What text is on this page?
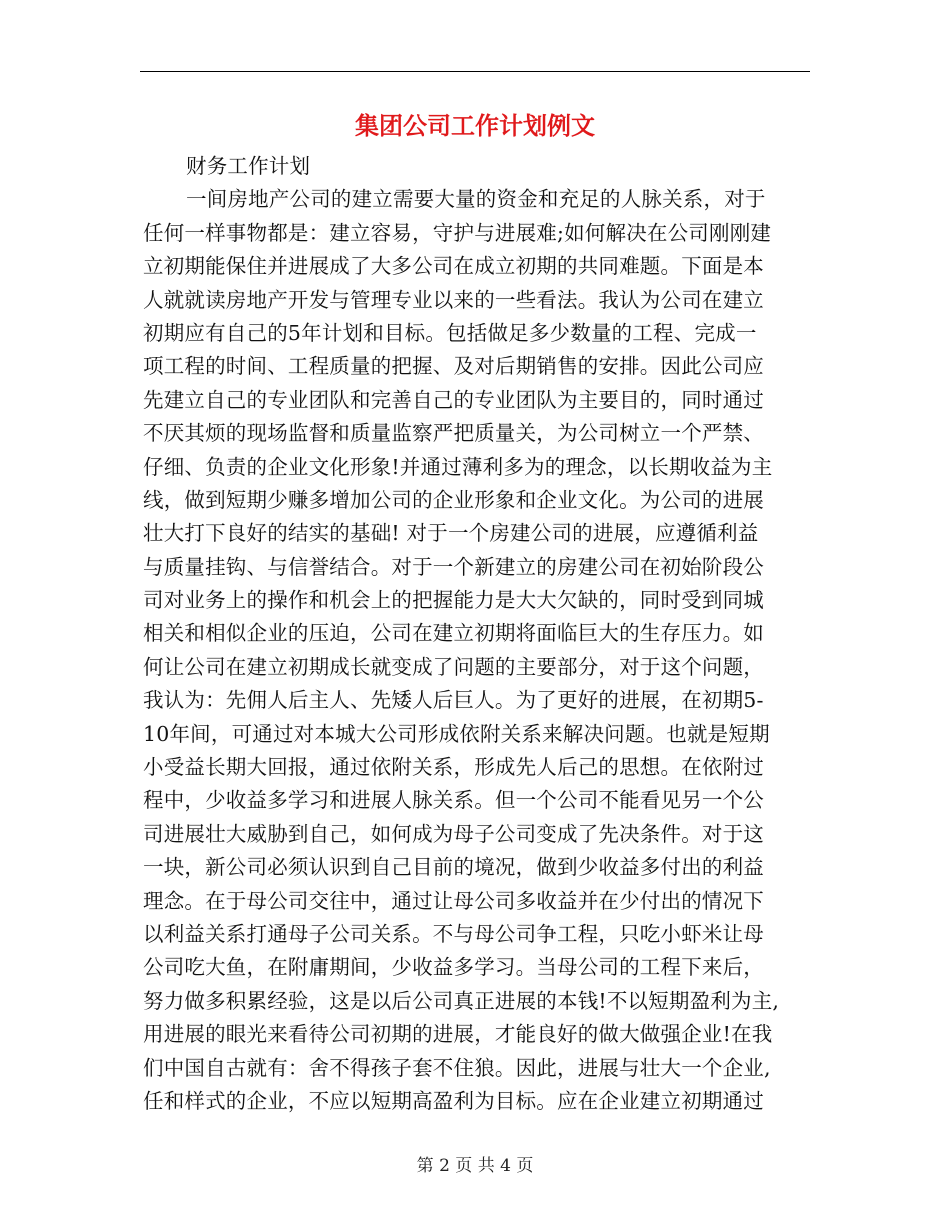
集团公司工作计划例文
财务工作计划
一间房地产公司的建立需要大量的资金和充足的人脉关系，对于
任何一样事物都是：建立容易，守护与进展难;如何解决在公司刚刚建
立初期能保住并进展成了大多公司在成立初期的共同难题。下面是本
人就就读房地产开发与管理专业以来的一些看法。我认为公司在建立
初期应有自己的5年计划和目标。包括做足多少数量的工程、完成一
项工程的时间、工程质量的把握、及对后期销售的安排。因此公司应
先建立自己的专业团队和完善自己的专业团队为主要目的，同时通过
不厌其烦的现场监督和质量监察严把质量关，为公司树立一个严禁、
仔细、负责的企业文化形象!并通过薄利多为的理念，以长期收益为主
线，做到短期少赚多增加公司的企业形象和企业文化。为公司的进展
壮大打下良好的结实的基础! 对于一个房建公司的进展，应遵循利益
与质量挂钩、与信誉结合。对于一个新建立的房建公司在初始阶段公
司对业务上的操作和机会上的把握能力是大大欠缺的，同时受到同城
相关和相似企业的压迫，公司在建立初期将面临巨大的生存压力。如
何让公司在建立初期成长就变成了问题的主要部分，对于这个问题，
我认为：先佣人后主人、先矮人后巨人。为了更好的进展，在初期5-
10年间，可通过对本城大公司形成依附关系来解决问题。也就是短期
小受益长期大回报，通过依附关系，形成先人后己的思想。在依附过
程中，少收益多学习和进展人脉关系。但一个公司不能看见另一个公
司进展壮大威胁到自己，如何成为母子公司变成了先决条件。对于这
一块，新公司必须认识到自己目前的境况，做到少收益多付出的利益
理念。在于母公司交往中，通过让母公司多收益并在少付出的情况下
以利益关系打通母子公司关系。不与母公司争工程，只吃小虾米让母
公司吃大鱼，在附庸期间，少收益多学习。当母公司的工程下来后，
努力做多积累经验，这是以后公司真正进展的本钱!不以短期盈利为主,
用进展的眼光来看待公司初期的进展，才能良好的做大做强企业!在我
们中国自古就有：舍不得孩子套不住狼。因此，进展与壮大一个企业,
任和样式的企业，不应以短期高盈利为目标。应在企业建立初期通过
第 2 页 共 4 页
